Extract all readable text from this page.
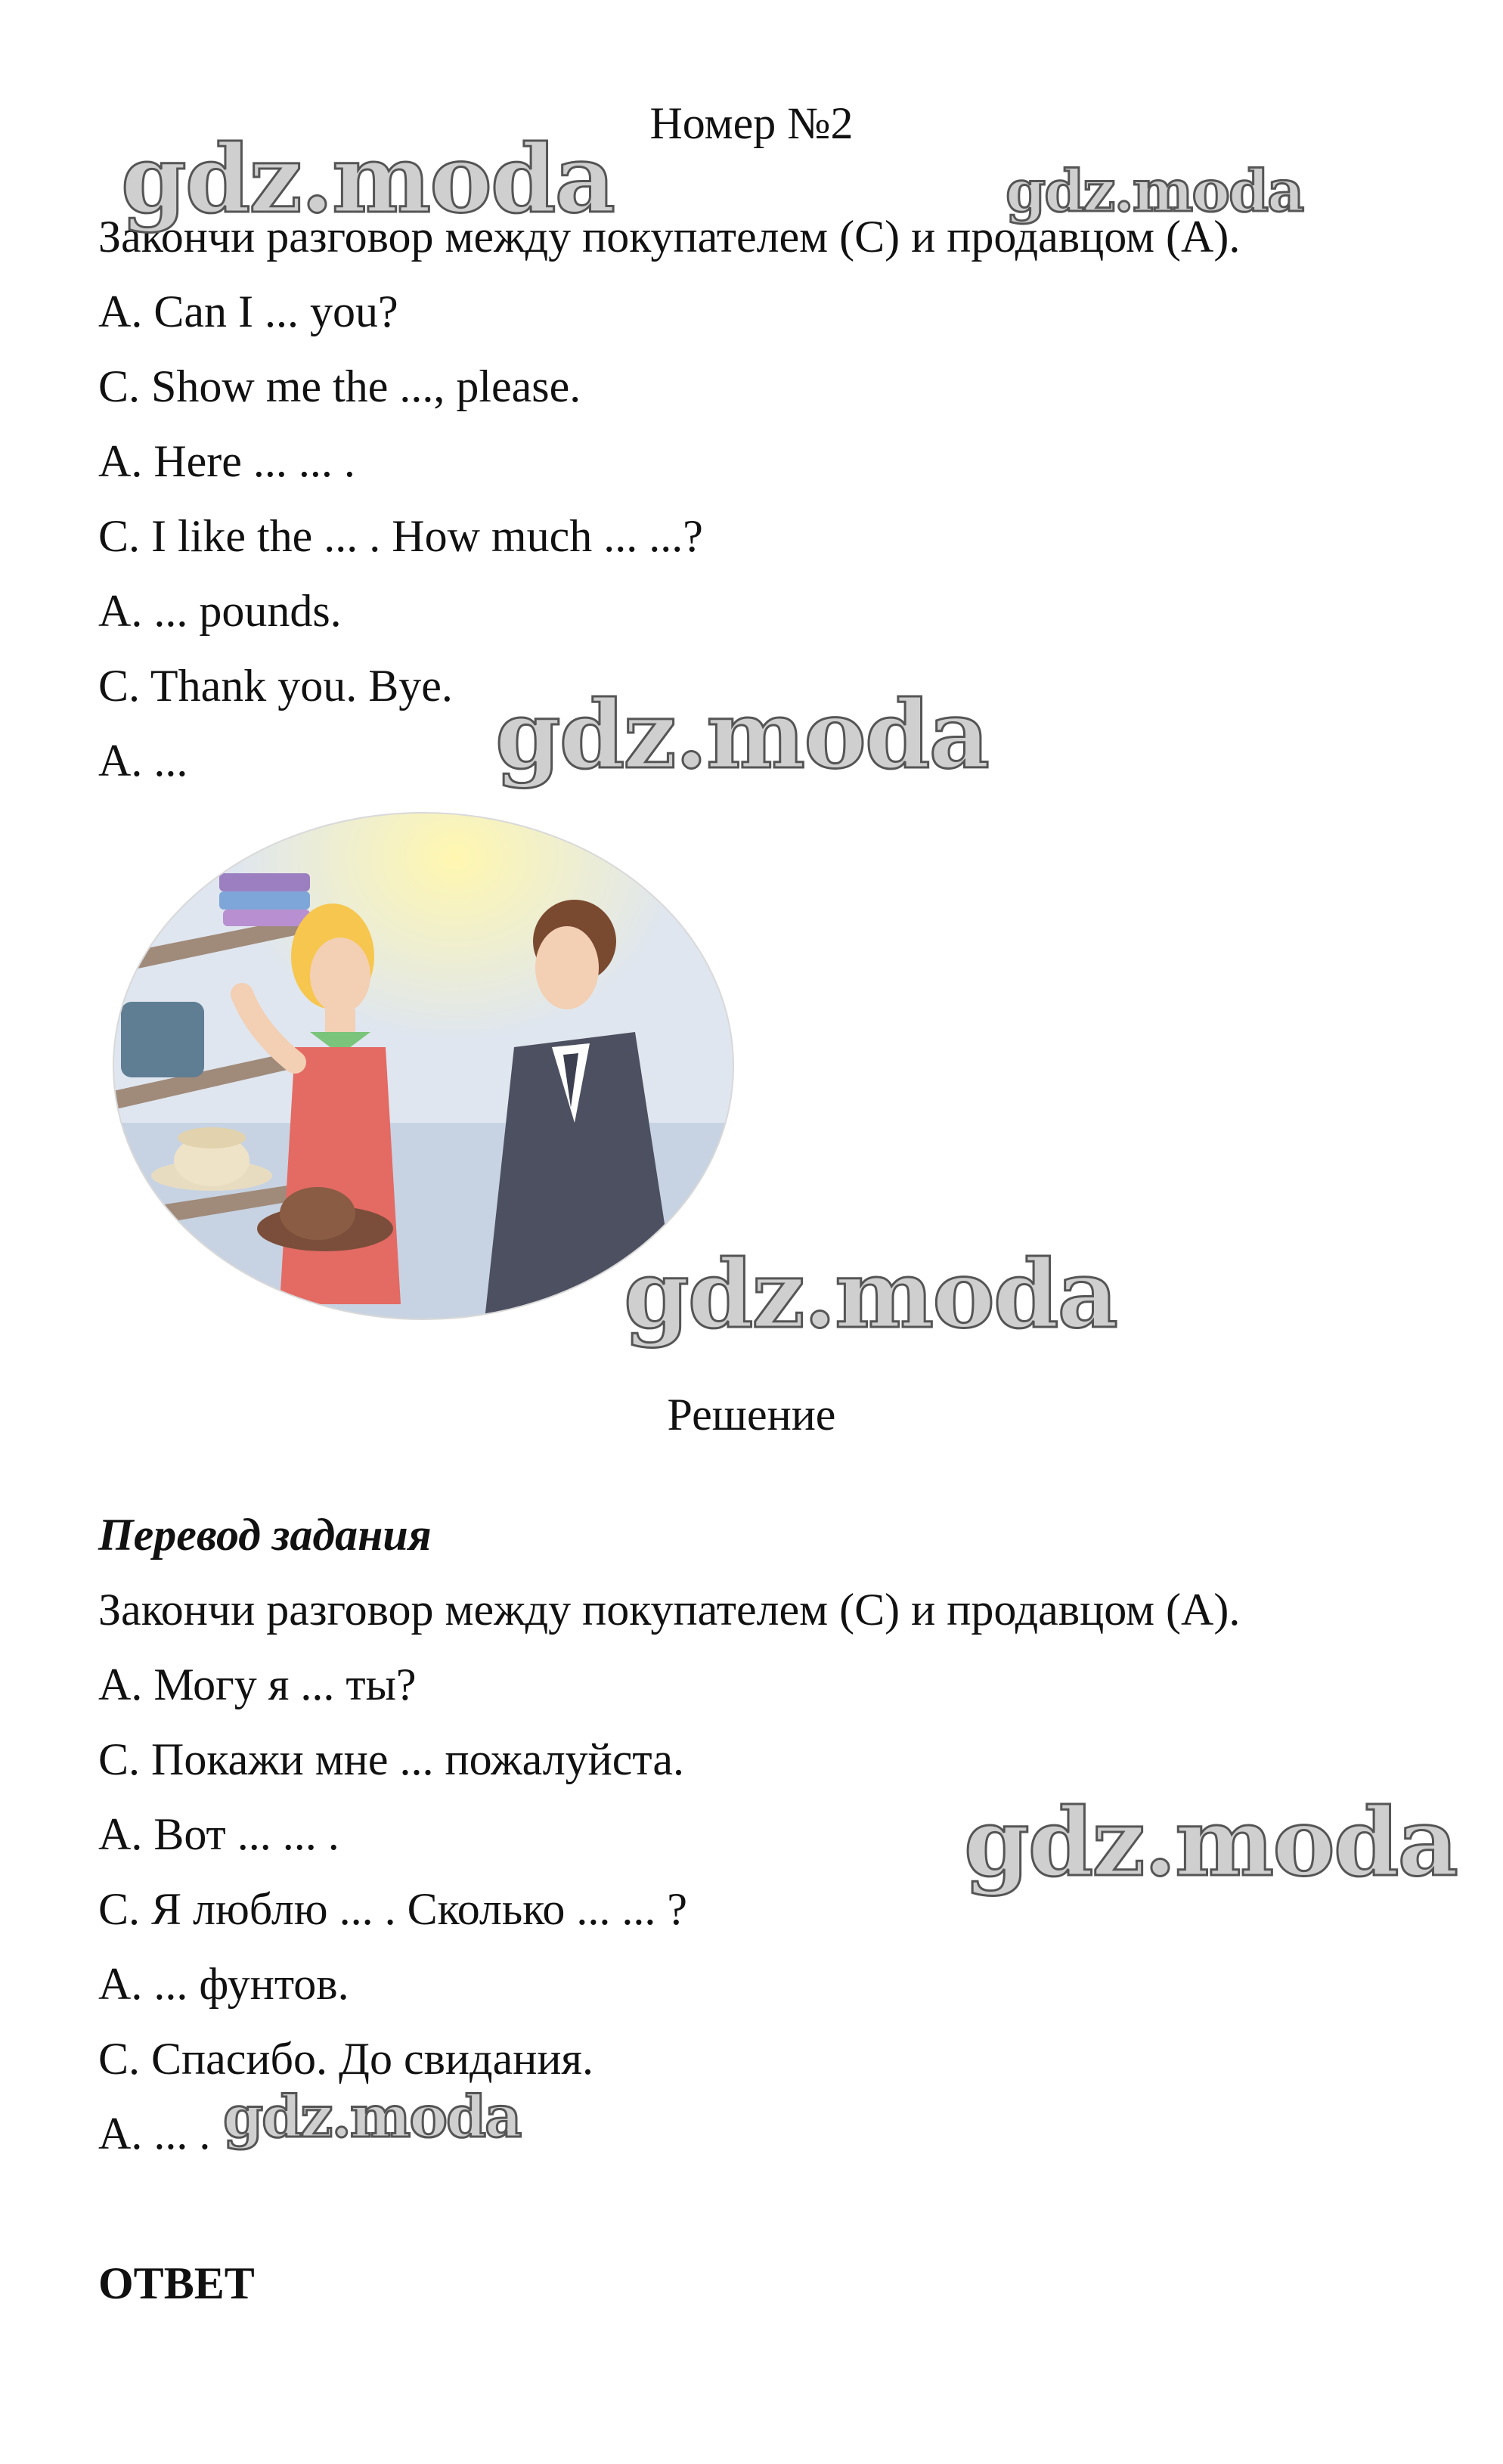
Номер №2
Закончи разговор между покупателем (С) и продавцом (А).
A. Can I ... you?
C. Show me the ..., please.
A. Here ... ... .
C. I like the ... . How much ... ...?
A. ... pounds.
C. Thank you. Bye.
A. ...
Решение
Перевод задания
Закончи разговор между покупателем (С) и продавцом (А).
А. Могу я ... ты?
С. Покажи мне ... пожалуйста.
А. Вот ... ... .
С. Я люблю ... . Сколько ... ... ?
А. ... фунтов.
С. Спасибо. До свидания.
А. ... .
ОТВЕТ
gdz.moda	gdz.moda
gdz.moda
gdz.moda
gdz.moda
gdz.moda
